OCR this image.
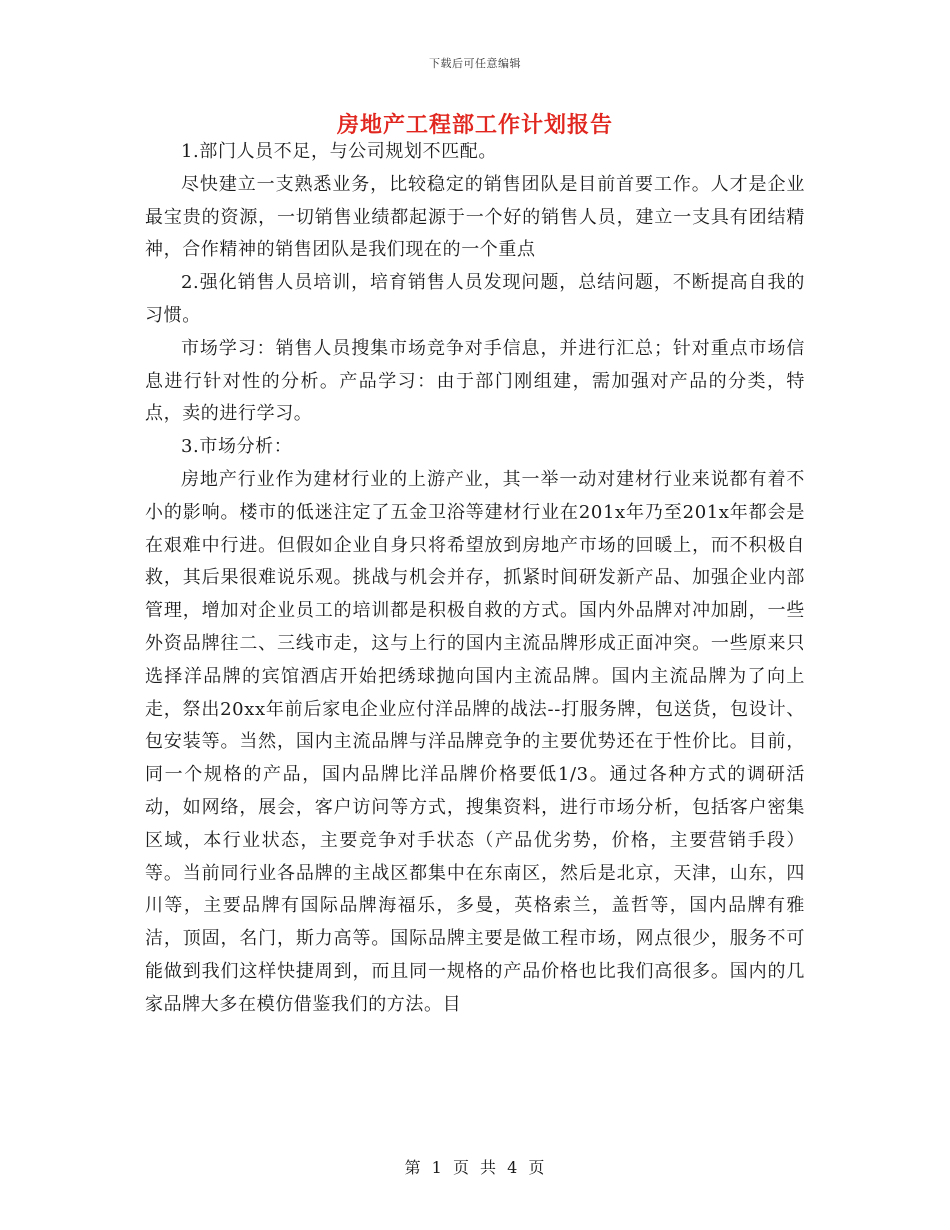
下载后可任意编辑
房地产工程部工作计划报告

1.部门人员不足，与公司规划不匹配。

尽快建立一支熟悉业务，比较稳定的销售团队是目前首要工作。人才是企业最宝贵的资源，一切销售业绩都起源于一个好的销售人员，建立一支具有团结精神，合作精神的销售团队是我们现在的一个重点

2.强化销售人员培训，培育销售人员发现问题，总结问题，不断提高自我的习惯。

市场学习：销售人员搜集市场竞争对手信息，并进行汇总；针对重点市场信息进行针对性的分析。产品学习：由于部门刚组建，需加强对产品的分类，特点，卖的进行学习。

3.市场分析：

房地产行业作为建材行业的上游产业，其一举一动对建材行业来说都有着不小的影响。楼市的低迷注定了五金卫浴等建材行业在201x年乃至201x年都会是在艰难中行进。但假如企业自身只将希望放到房地产市场的回暖上，而不积极自救，其后果很难说乐观。挑战与机会并存，抓紧时间研发新产品、加强企业内部管理，增加对企业员工的培训都是积极自救的方式。国内外品牌对冲加剧，一些外资品牌往二、三线市走，这与上行的国内主流品牌形成正面冲突。一些原来只选择洋品牌的宾馆酒店开始把绣球抛向国内主流品牌。国内主流品牌为了向上走，祭出20xx年前后家电企业应付洋品牌的战法--打服务牌，包送货，包设计、包安装等。当然，国内主流品牌与洋品牌竞争的主要优势还在于性价比。目前，同一个规格的产品，国内品牌比洋品牌价格要低1/3。通过各种方式的调研活动，如网络，展会，客户访问等方式，搜集资料，进行市场分析，包括客户密集区域，本行业状态，主要竞争对手状态（产品优劣势，价格，主要营销手段）等。当前同行业各品牌的主战区都集中在东南区，然后是北京，天津，山东，四川等，主要品牌有国际品牌海福乐，多曼，英格索兰，盖哲等，国内品牌有雅洁，顶固，名门，斯力高等。国际品牌主要是做工程市场，网点很少，服务不可能做到我们这样快捷周到，而且同一规格的产品价格也比我们高很多。国内的几家品牌大多在模仿借鉴我们的方法。目

第 1 页 共 4 页
